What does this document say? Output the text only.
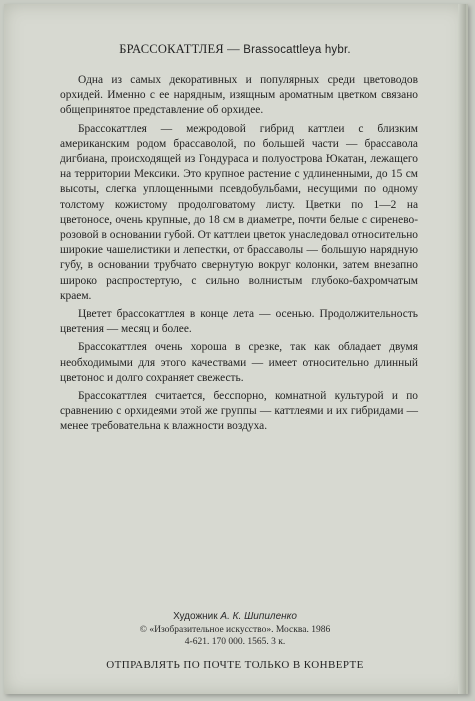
БРАССОКАТТЛЕЯ — Brassocattleya hybr.

Одна из самых декоративных и популярных среди цветоводов орхидей. Именно с ее нарядным, изящным ароматным цветком связано общепринятое представление об орхидее.

Брассокаттлея — межродовой гибрид каттлеи с близким американским родом брассаволой, по большей части — брассавола дигбиана, происходящей из Гондураса и полуострова Юкатан, лежащего на территории Мексики. Это крупное растение с удлиненными, до 15 см высоты, слегка уплощенными псевдобульбами, несущими по одному толстому кожистому продолговатому листу. Цветки по 1—2 на цветоносе, очень крупные, до 18 см в диаметре, почти белые с сиренево-розовой в основании губой. От каттлеи цветок унаследовал относительно широкие чашелистики и лепестки, от брассаволы — большую нарядную губу, в основании трубчато свернутую вокруг колонки, затем внезапно широко распростертую, с сильно волнистым глубоко-бахромчатым краем.

Цветет брассокаттлея в конце лета — осенью. Продолжительность цветения — месяц и более.

Брассокаттлея очень хороша в срезке, так как обладает двумя необходимыми для этого качествами — имеет относительно длинный цветонос и долго сохраняет свежесть.

Брассокаттлея считается, бесспорно, комнатной культурой и по сравнению с орхидеями этой же группы — каттлеями и их гибридами — менее требовательна к влажности воздуха.

Художник А. К. Шипиленко
© «Изобразительное искусство». Москва. 1986
4-621. 170 000. 1565. 3 к.
ОТПРАВЛЯТЬ ПО ПОЧТЕ ТОЛЬКО В КОНВЕРТЕ
